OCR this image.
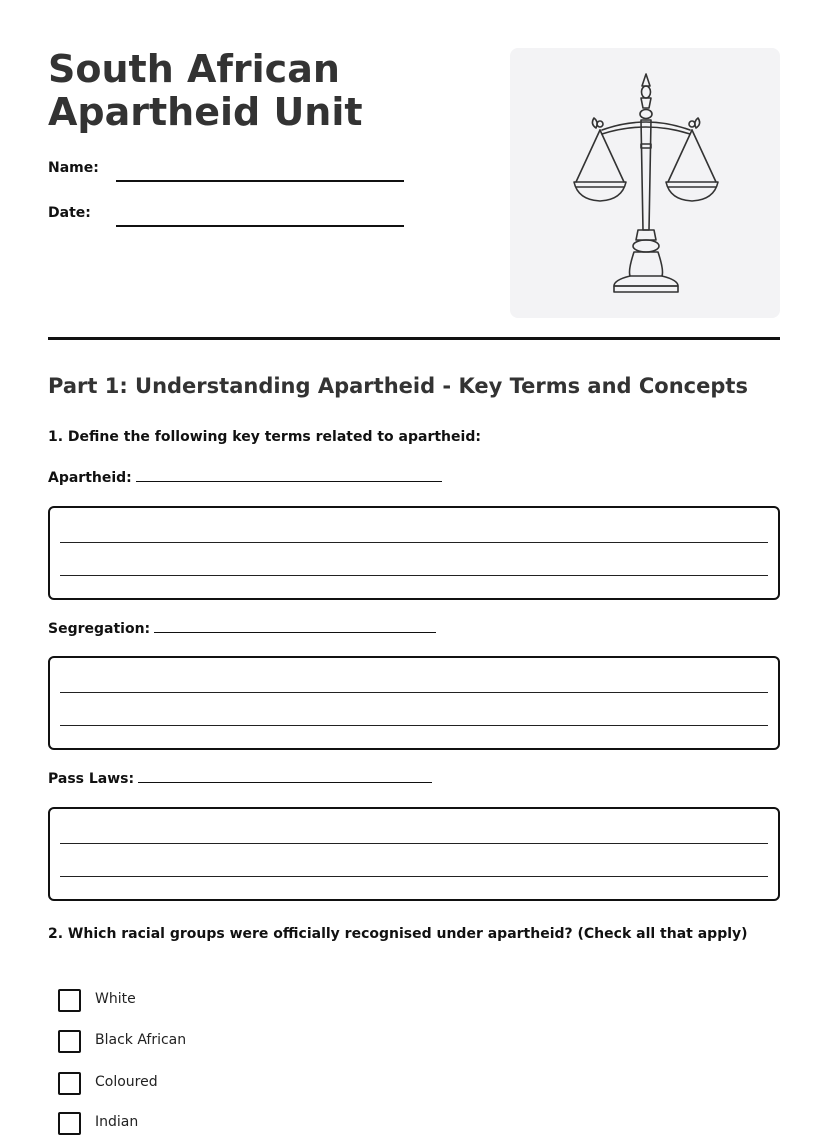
South African Apartheid Unit
Name:
Date:
Part 1: Understanding Apartheid - Key Terms and Concepts
1. Define the following key terms related to apartheid:
Apartheid:
Segregation:
Pass Laws:
2. Which racial groups were officially recognised under apartheid? (Check all that apply)
White
Black African
Coloured
Indian
